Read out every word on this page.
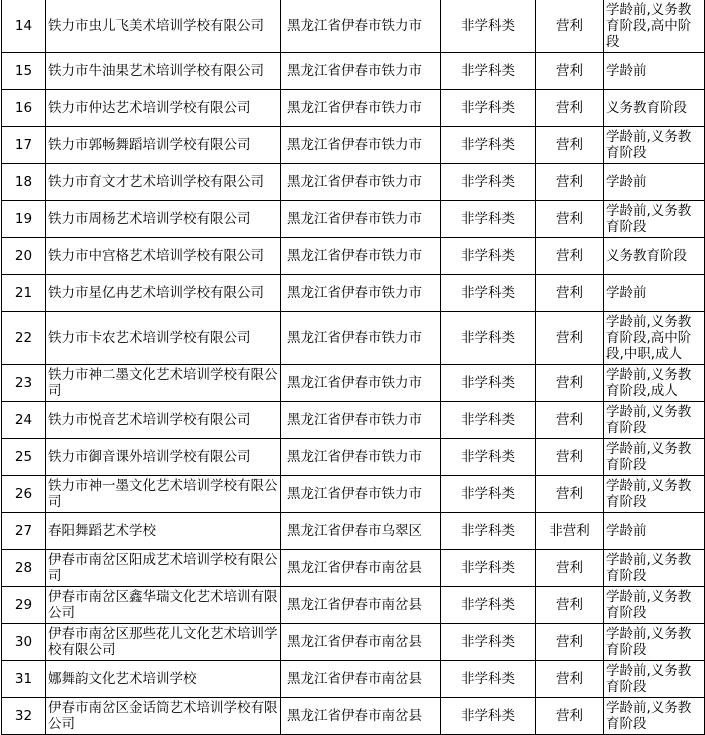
14	铁力市虫儿飞美术培训学校有限公司	黑龙江省伊春市铁力市	非学科类	营利	学龄前,义务教育阶段,高中阶段
15	铁力市牛油果艺术培训学校有限公司	黑龙江省伊春市铁力市	非学科类	营利	学龄前
16	铁力市仲达艺术培训学校有限公司	黑龙江省伊春市铁力市	非学科类	营利	义务教育阶段
17	铁力市郭畅舞蹈培训学校有限公司	黑龙江省伊春市铁力市	非学科类	营利	学龄前,义务教育阶段
18	铁力市育文才艺术培训学校有限公司	黑龙江省伊春市铁力市	非学科类	营利	学龄前
19	铁力市周杨艺术培训学校有限公司	黑龙江省伊春市铁力市	非学科类	营利	学龄前,义务教育阶段
20	铁力市中宫格艺术培训学校有限公司	黑龙江省伊春市铁力市	非学科类	营利	义务教育阶段
21	铁力市星亿冉艺术培训学校有限公司	黑龙江省伊春市铁力市	非学科类	营利	学龄前
22	铁力市卡农艺术培训学校有限公司	黑龙江省伊春市铁力市	非学科类	营利	学龄前,义务教育阶段,高中阶段,中职,成人
23	铁力市神二墨文化艺术培训学校有限公司	黑龙江省伊春市铁力市	非学科类	营利	学龄前,义务教育阶段,成人
24	铁力市悦音艺术培训学校有限公司	黑龙江省伊春市铁力市	非学科类	营利	学龄前,义务教育阶段
25	铁力市御音课外培训学校有限公司	黑龙江省伊春市铁力市	非学科类	营利	学龄前,义务教育阶段
26	铁力市神一墨文化艺术培训学校有限公司	黑龙江省伊春市铁力市	非学科类	营利	学龄前,义务教育阶段
27	春阳舞蹈艺术学校	黑龙江省伊春市乌翠区	非学科类	非营利	学龄前
28	伊春市南岔区阳成艺术培训学校有限公司	黑龙江省伊春市南岔县	非学科类	营利	学龄前,义务教育阶段
29	伊春市南岔区鑫华瑞文化艺术培训有限公司	黑龙江省伊春市南岔县	非学科类	营利	学龄前,义务教育阶段
30	伊春市南岔区那些花儿文化艺术培训学校有限公司	黑龙江省伊春市南岔县	非学科类	营利	学龄前,义务教育阶段
31	娜舞韵文化艺术培训学校	黑龙江省伊春市南岔县	非学科类	营利	学龄前,义务教育阶段
32	伊春市南岔区金话筒艺术培训学校有限公司	黑龙江省伊春市南岔县	非学科类	营利	学龄前,义务教育阶段
